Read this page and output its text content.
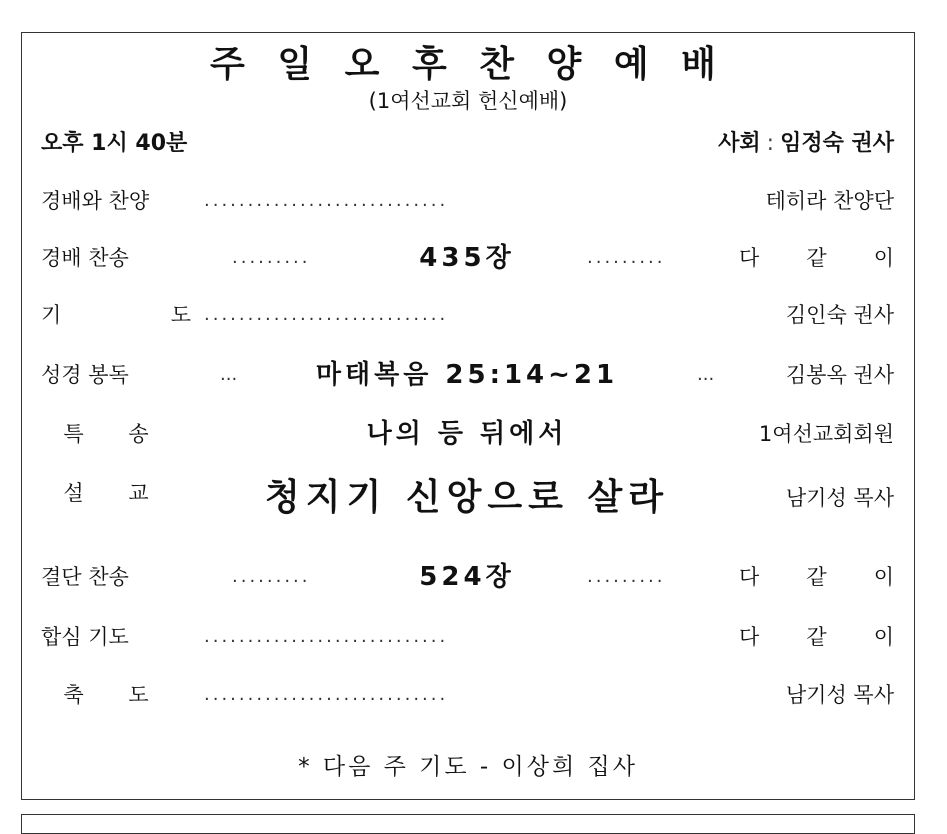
주 일 오 후 찬 양 예 배
(1여선교회 헌신예배)
오후 1시 40분	사회 : 임정숙 권사
경배와 찬양	............................	테히라 찬양단
경배 찬송	.........	435장	.........	다 같 이
기	도 ............................	김인숙 권사
성경 봉독	...	마태복음 25:14~21	...	김봉옥 권사
특 송	나의 등 뒤에서	1여선교회회원
설 교	청지기 신앙으로 살라	남기성 목사
결단 찬송	.........	524장	.........	다 같 이
합심 기도	............................	다 같 이
축 도	............................	남기성 목사
* 다음 주 기도 - 이상희 집사
